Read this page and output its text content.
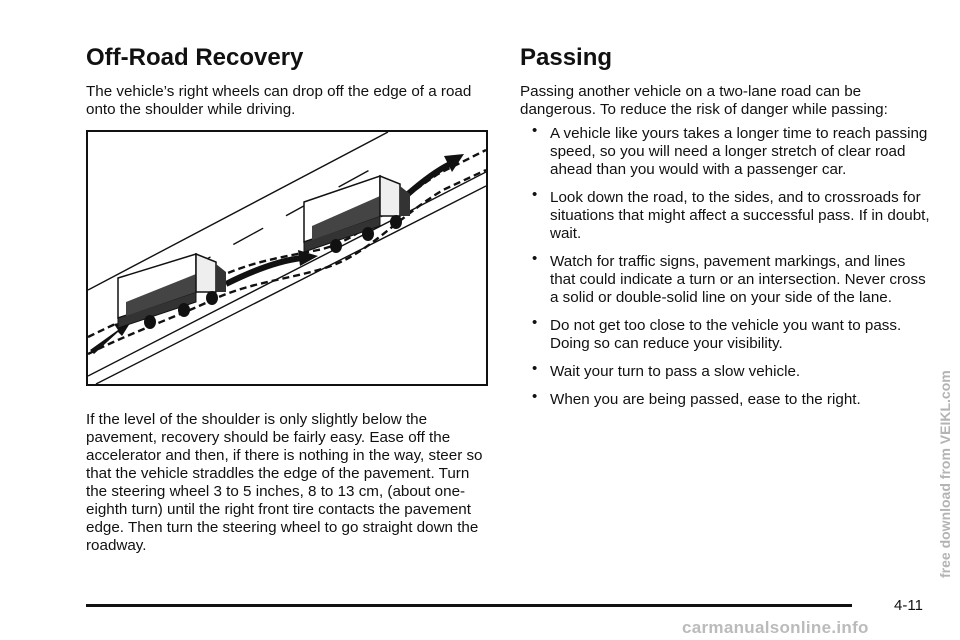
Off-Road Recovery

The vehicle’s right wheels can drop off the edge of a road onto the shoulder while driving.

If the level of the shoulder is only slightly below the pavement, recovery should be fairly easy. Ease off the accelerator and then, if there is nothing in the way, steer so that the vehicle straddles the edge of the pavement. Turn the steering wheel 3 to 5 inches, 8 to 13 cm, (about one-eighth turn) until the right front tire contacts the pavement edge. Then turn the steering wheel to go straight down the roadway.

Passing

Passing another vehicle on a two-lane road can be dangerous. To reduce the risk of danger while passing:

• A vehicle like yours takes a longer time to reach passing speed, so you will need a longer stretch of clear road ahead than you would with a passenger car.
• Look down the road, to the sides, and to crossroads for situations that might affect a successful pass. If in doubt, wait.
• Watch for traffic signs, pavement markings, and lines that could indicate a turn or an intersection. Never cross a solid or double-solid line on your side of the lane.
• Do not get too close to the vehicle you want to pass. Doing so can reduce your visibility.
• Wait your turn to pass a slow vehicle.
• When you are being passed, ease to the right.	free download from VEIKL.com
4-11
carmanualsonline.info
